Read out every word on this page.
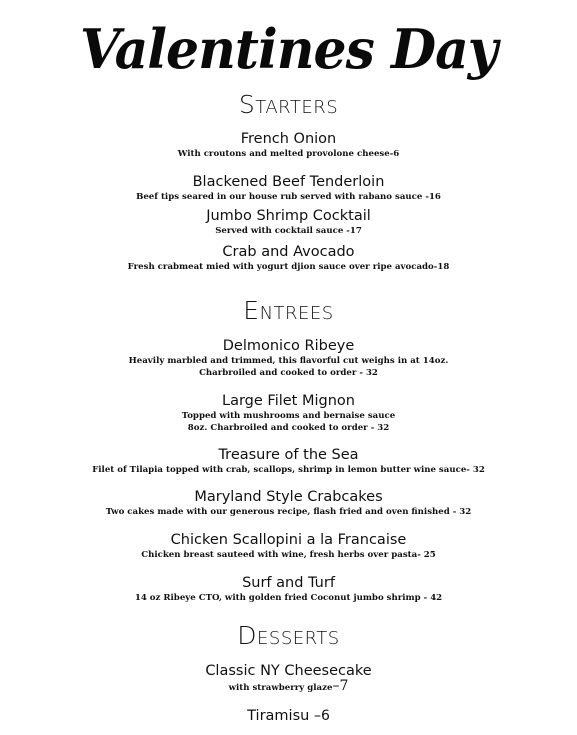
Valentines Day
Starters
French Onion
With croutons and melted provolone cheese-6
Blackened Beef Tenderloin
Beef tips seared in our house rub served with rabano sauce -16
Jumbo Shrimp Cocktail
Served with cocktail sauce -17
Crab and Avocado
Fresh crabmeat mied with yogurt djion sauce over ripe avocado-18
Entrees
Delmonico Ribeye
Heavily marbled and trimmed, this flavorful cut weighs in at 14oz.
Charbroiled and cooked to order - 32
Large Filet Mignon
Topped with mushrooms and bernaise sauce
8oz. Charbroiled and cooked to order - 32
Treasure of the Sea
Filet of Tilapia topped with crab, scallops, shrimp in lemon butter wine sauce- 32
Maryland Style Crabcakes
Two cakes made with our generous recipe, flash fried and oven finished - 32
Chicken Scallopini a la Francaise
Chicken breast sauteed with wine, fresh herbs over pasta- 25
Surf and Turf
14 oz Ribeye CTO, with golden fried Coconut jumbo shrimp - 42
Desserts
Classic NY Cheesecake
with strawberry glaze–7
Tiramisu –6
